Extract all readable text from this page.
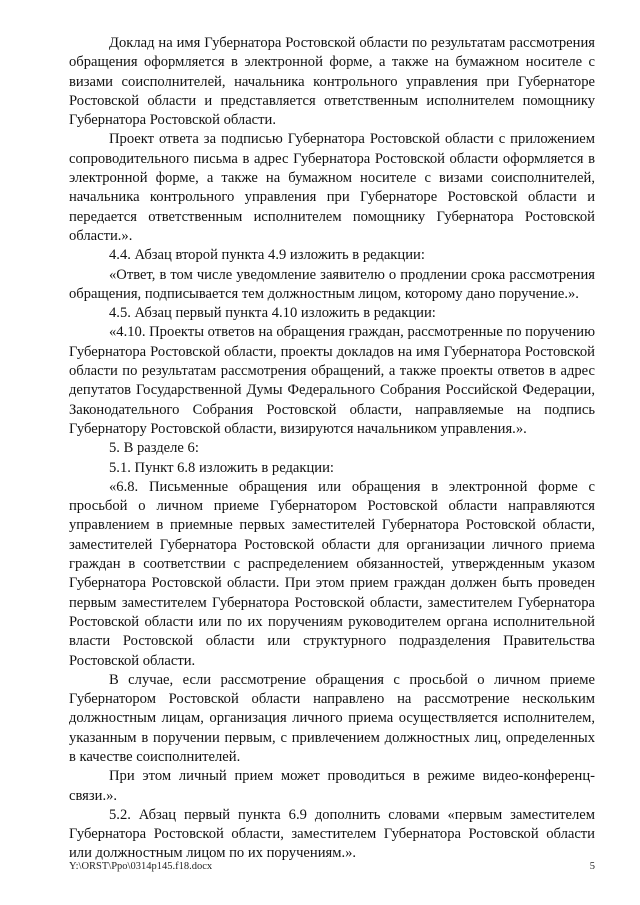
Доклад на имя Губернатора Ростовской области по результатам рассмотрения обращения оформляется в электронной форме, а также на бумажном носителе с визами соисполнителей, начальника контрольного управления при Губернаторе Ростовской области и представляется ответственным исполнителем помощнику Губернатора Ростовской области.

Проект ответа за подписью Губернатора Ростовской области с приложением сопроводительного письма в адрес Губернатора Ростовской области оформляется в электронной форме, а также на бумажном носителе с визами соисполнителей, начальника контрольного управления при Губернаторе Ростовской области и передается ответственным исполнителем помощнику Губернатора Ростовской области.».

4.4. Абзац второй пункта 4.9 изложить в редакции:

«Ответ, в том числе уведомление заявителю о продлении срока рассмотрения обращения, подписывается тем должностным лицом, которому дано поручение.».

4.5. Абзац первый пункта 4.10 изложить в редакции:

«4.10. Проекты ответов на обращения граждан, рассмотренные по поручению Губернатора Ростовской области, проекты докладов на имя Губернатора Ростовской области по результатам рассмотрения обращений, а также проекты ответов в адрес депутатов Государственной Думы Федерального Собрания Российской Федерации, Законодательного Собрания Ростовской области, направляемые на подпись Губернатору Ростовской области, визируются начальником управления.».

5. В разделе 6:

5.1. Пункт 6.8 изложить в редакции:

«6.8. Письменные обращения или обращения в электронной форме с просьбой о личном приеме Губернатором Ростовской области направляются управлением в приемные первых заместителей Губернатора Ростовской области, заместителей Губернатора Ростовской области для организации личного приема граждан в соответствии с распределением обязанностей, утвержденным указом Губернатора Ростовской области. При этом прием граждан должен быть проведен первым заместителем Губернатора Ростовской области, заместителем Губернатора Ростовской области или по их поручениям руководителем органа исполнительной власти Ростовской области или структурного подразделения Правительства Ростовской области.

В случае, если рассмотрение обращения с просьбой о личном приеме Губернатором Ростовской области направлено на рассмотрение нескольким должностным лицам, организация личного приема осуществляется исполнителем, указанным в поручении первым, с привлечением должностных лиц, определенных в качестве соисполнителей.

При этом личный прием может проводиться в режиме видео-конференц-связи.».

5.2. Абзац первый пункта 6.9 дополнить словами «первым заместителем Губернатора Ростовской области, заместителем Губернатора Ростовской области или должностным лицом по их поручениям.».

Y:\ORST\Ppo\0314p145.f18.docx	5
